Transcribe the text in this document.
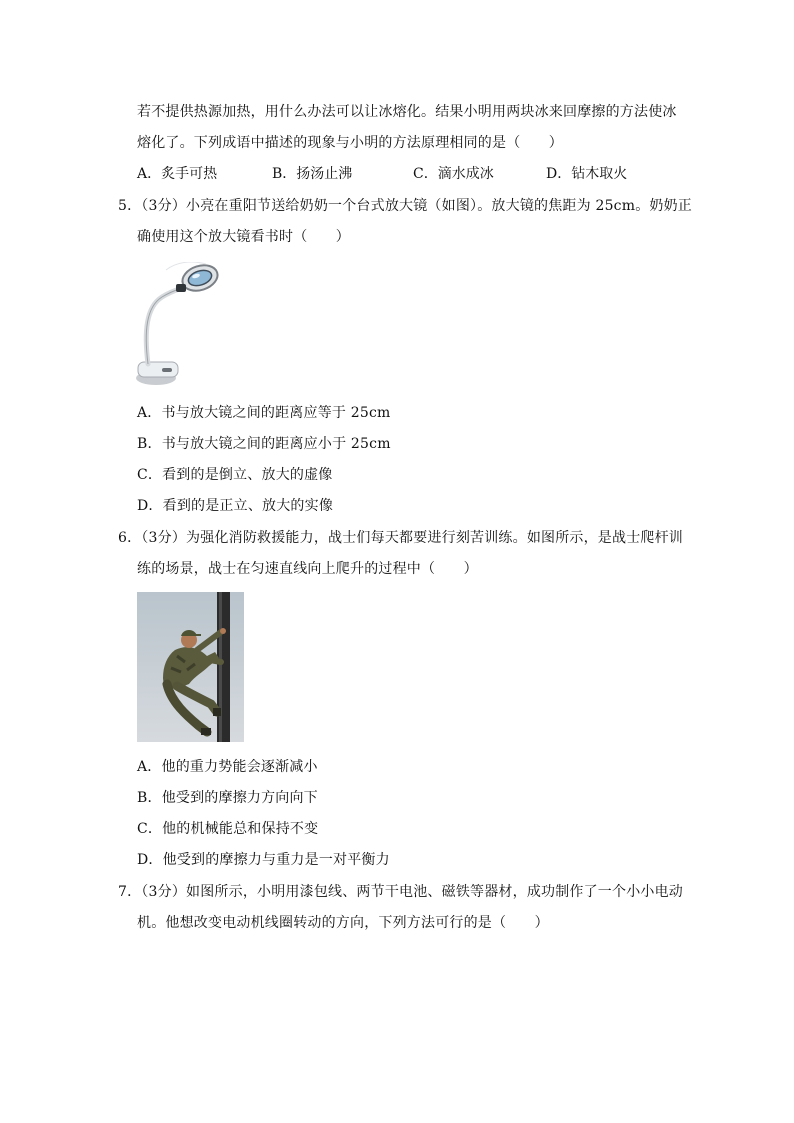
若不提供热源加热，用什么办法可以让冰熔化。结果小明用两块冰来回摩擦的方法使冰
熔化了。下列成语中描述的现象与小明的方法原理相同的是（　　）
A．炙手可热	B．扬汤止沸	C．滴水成冰	D．钻木取火
5．（3分）小亮在重阳节送给奶奶一个台式放大镜（如图）。放大镜的焦距为 25cm。奶奶正
确使用这个放大镜看书时（　　）
A．书与放大镜之间的距离应等于 25cm
B．书与放大镜之间的距离应小于 25cm
C．看到的是倒立、放大的虚像
D．看到的是正立、放大的实像
6．（3分）为强化消防救援能力，战士们每天都要进行刻苦训练。如图所示，是战士爬杆训
练的场景，战士在匀速直线向上爬升的过程中（　　）
A．他的重力势能会逐渐减小
B．他受到的摩擦力方向向下
C．他的机械能总和保持不变
D．他受到的摩擦力与重力是一对平衡力
7．（3分）如图所示，小明用漆包线、两节干电池、磁铁等器材，成功制作了一个小小电动
机。他想改变电动机线圈转动的方向，下列方法可行的是（　　）
